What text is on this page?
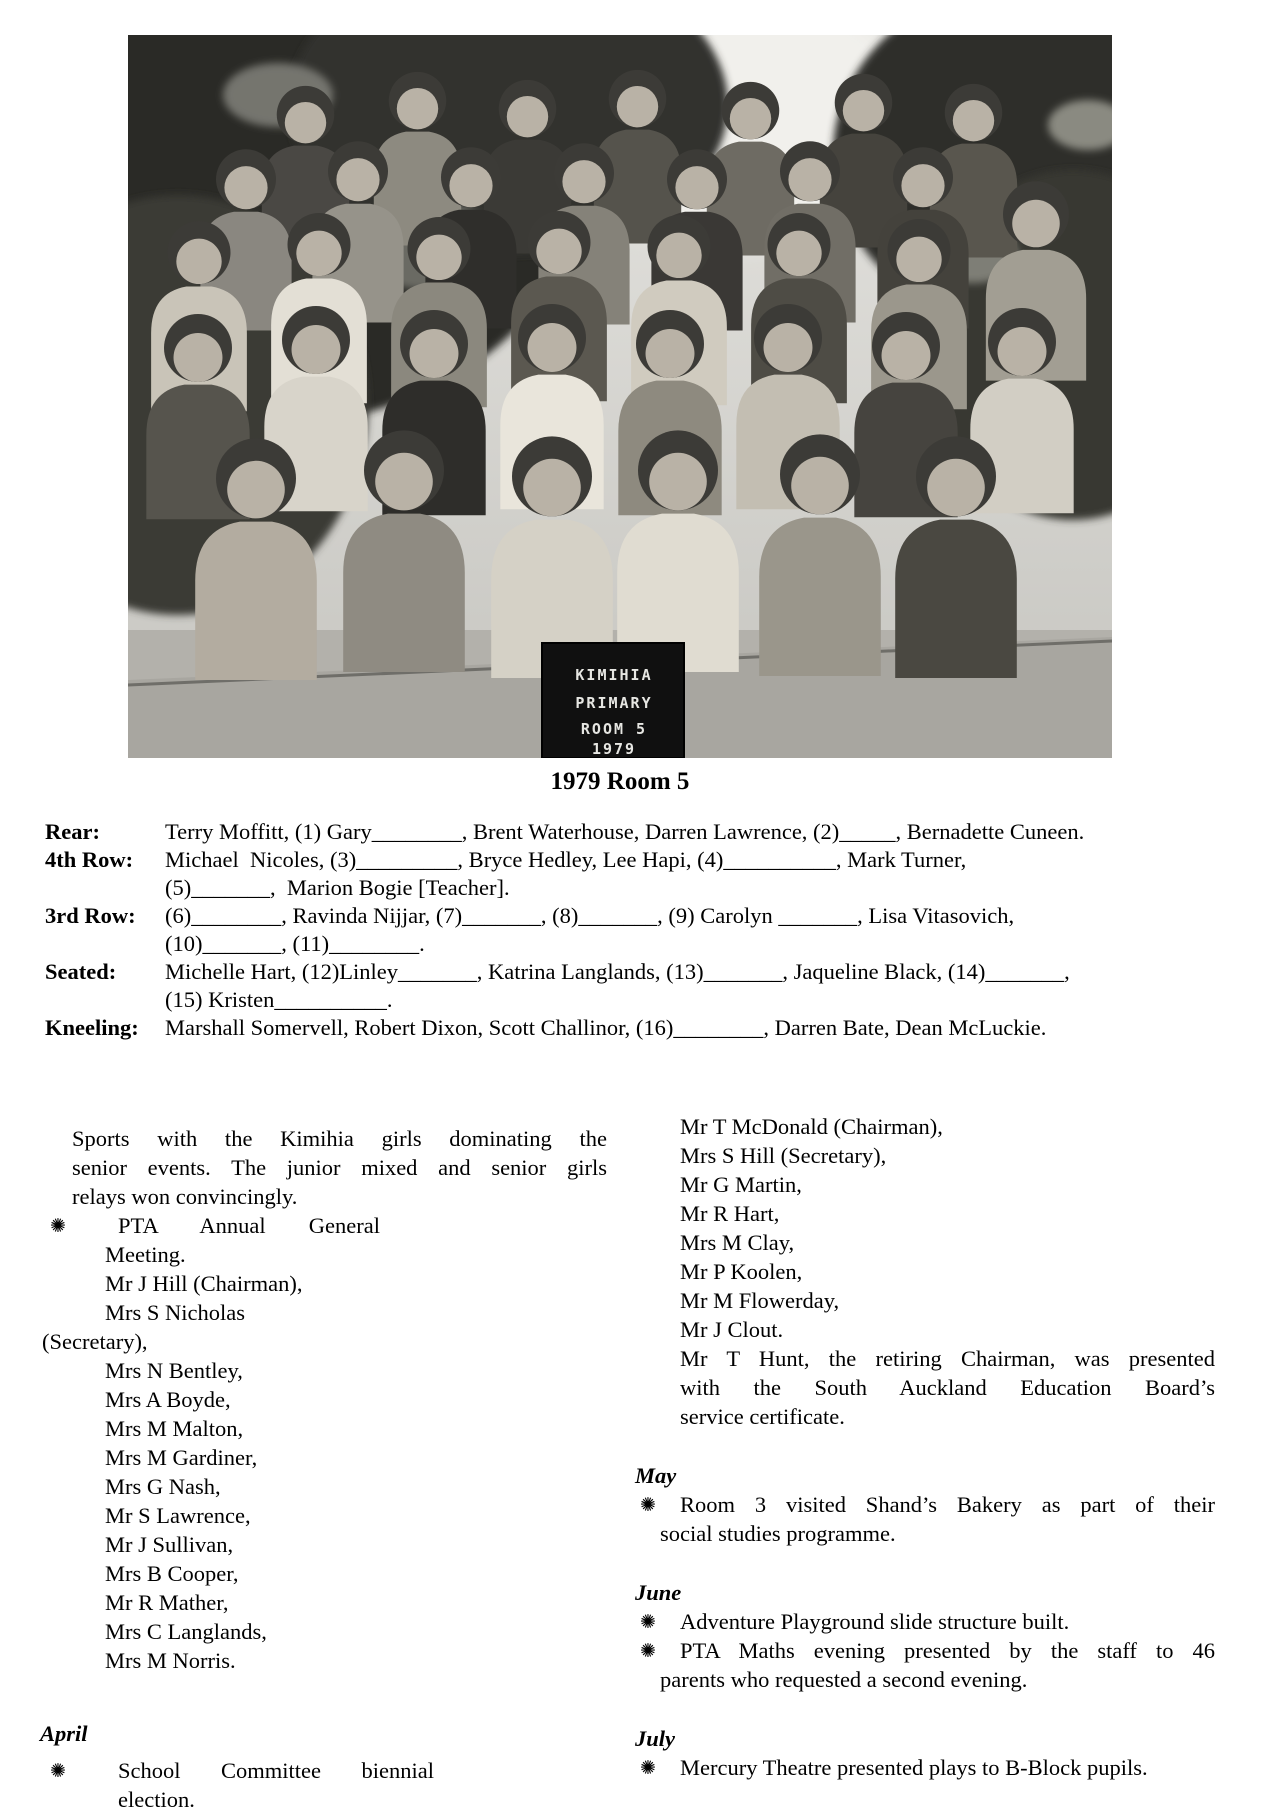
KIMIHIA
PRIMARY
ROOM 5
1979
1979 Room 5
Rear:	Terry Moffitt, (1) Gary________, Brent Waterhouse, Darren Lawrence, (2)_____, Bernadette Cuneen.
4th Row:	Michael  Nicoles, (3)_________, Bryce Hedley, Lee Hapi, (4)__________, Mark Turner,
(5)_______,  Marion Bogie [Teacher].
3rd Row:	(6)________, Ravinda Nijjar, (7)_______, (8)_______, (9) Carolyn _______, Lisa Vitasovich,
(10)_______, (11)________.
Seated:	Michelle Hart, (12)Linley_______, Katrina Langlands, (13)_______, Jaqueline Black, (14)_______,
(15) Kristen__________.
Kneeling:	Marshall Somervell, Robert Dixon, Scott Challinor, (16)________, Darren Bate, Dean McLuckie.
Sports with the Kimihia girls dominating the
senior events. The junior mixed and senior girls
relays won convincingly.
✺ PTA Annual General
Meeting.
Mr J Hill (Chairman),
Mrs S Nicholas
(Secretary),
Mrs N Bentley,
Mrs A Boyde,
Mrs M Malton,
Mrs M Gardiner,
Mrs G Nash,
Mr S Lawrence,
Mr J Sullivan,
Mrs B Cooper,
Mr R Mather,
Mrs C Langlands,
Mrs M Norris.
April
✺ School Committee biennial
election.
Mr T McDonald (Chairman),
Mrs S Hill (Secretary),
Mr G Martin,
Mr R Hart,
Mrs M Clay,
Mr P Koolen,
Mr M Flowerday,
Mr J Clout.
Mr T Hunt, the retiring Chairman, was presented
with the South Auckland Education Board’s
service certificate.
May
✺ Room 3 visited Shand’s Bakery as part of their
social studies programme.
June
✺ Adventure Playground slide structure built.
✺ PTA Maths evening presented by the staff to 46
parents who requested a second evening.
July
✺ Mercury Theatre presented plays to B-Block pupils.
